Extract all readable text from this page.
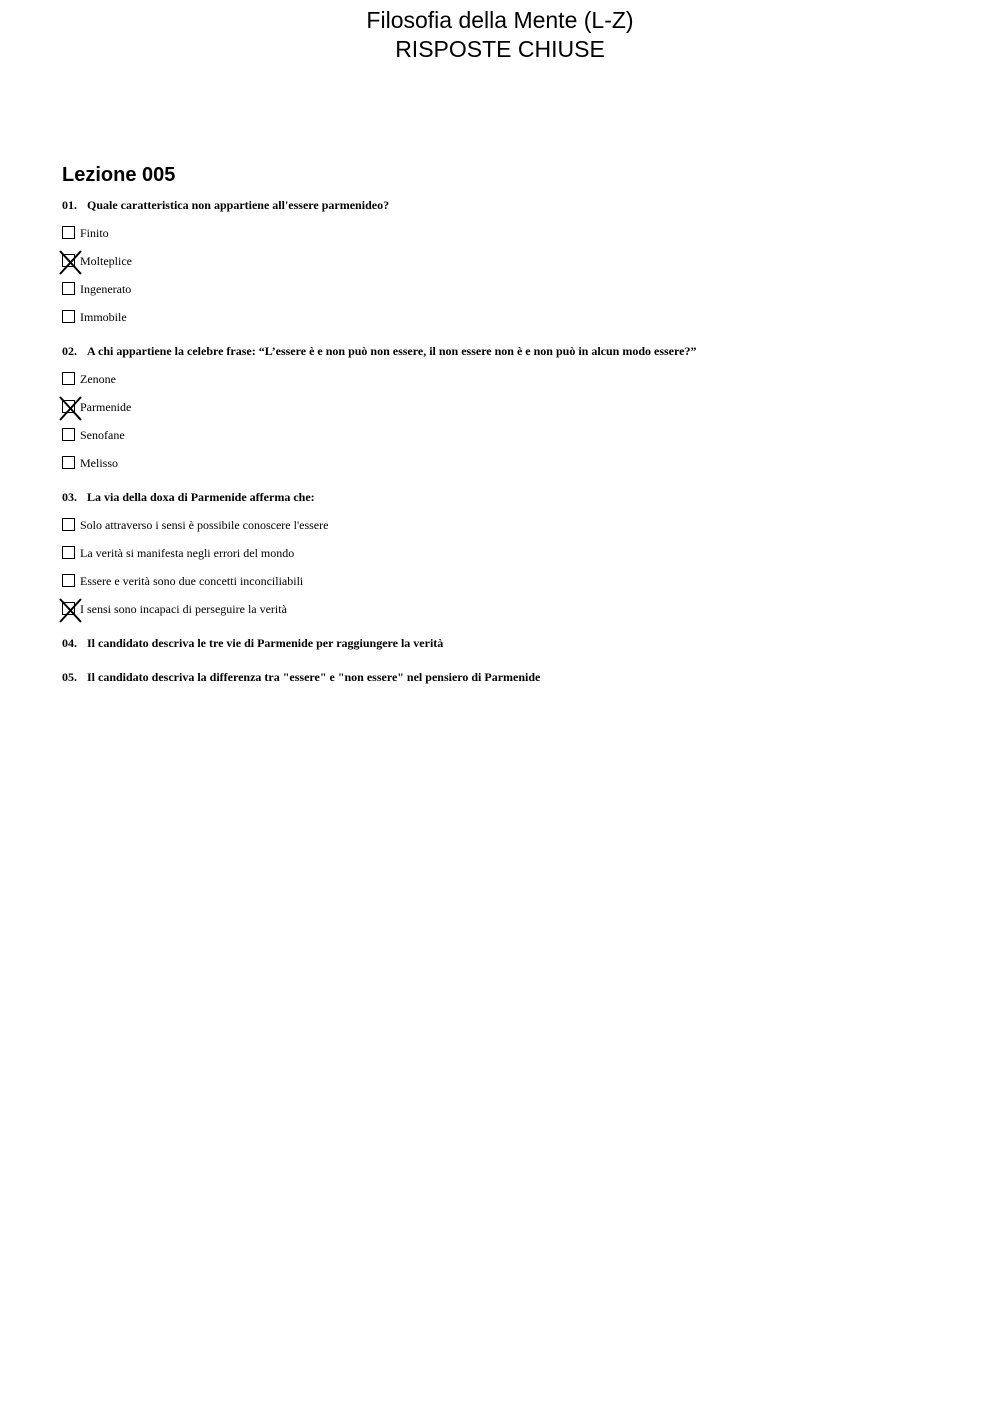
Filosofia della Mente (L-Z)
RISPOSTE CHIUSE
Lezione 005
01. Quale caratteristica non appartiene all'essere parmenideo?
Finito
Molteplice
Ingenerato
Immobile
02. A chi appartiene la celebre frase: “L’essere è e non può non essere, il non essere non è e non può in alcun modo essere?”
Zenone
Parmenide
Senofane
Melisso
03. La via della doxa di Parmenide afferma che:
Solo attraverso i sensi è possibile conoscere l'essere
La verità si manifesta negli errori del mondo
Essere e verità sono due concetti inconciliabili
I sensi sono incapaci di perseguire la verità
04. Il candidato descriva le tre vie di Parmenide per raggiungere la verità
05. Il candidato descriva la differenza tra "essere" e "non essere" nel pensiero di Parmenide
